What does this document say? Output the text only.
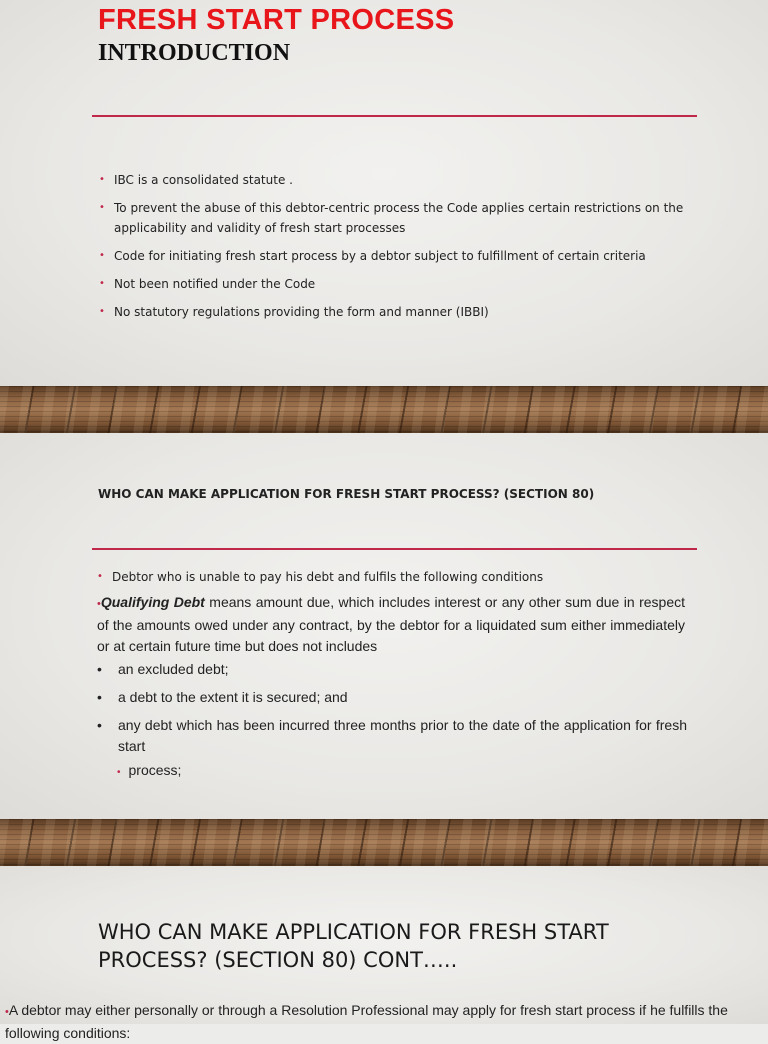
FRESH START PROCESS
INTRODUCTION
• IBC is a consolidated statute .
• To prevent the abuse of this debtor-centric process the Code applies certain restrictions on the applicability and validity of fresh start processes
• Code for initiating fresh start process by a debtor subject to fulfillment of certain criteria
• Not been notified under the Code
• No statutory regulations providing the form and manner (IBBI)
WHO CAN MAKE APPLICATION FOR FRESH START PROCESS? (SECTION 80)
• Debtor who is unable to pay his debt and fulfils the following conditions

•Qualifying Debt means amount due, which includes interest or any other sum due in respect of the amounts owed under any contract, by the debtor for a liquidated sum either immediately or at certain future time but does not includes

• an excluded debt;
• a debt to the extent it is secured; and
• any debt which has been incurred three months prior to the date of the application for fresh start
• process;
WHO CAN MAKE APPLICATION FOR FRESH START PROCESS? (SECTION 80) CONT…..

•A debtor may either personally or through a Resolution Professional may apply for fresh start process if he fulfills the following conditions:
